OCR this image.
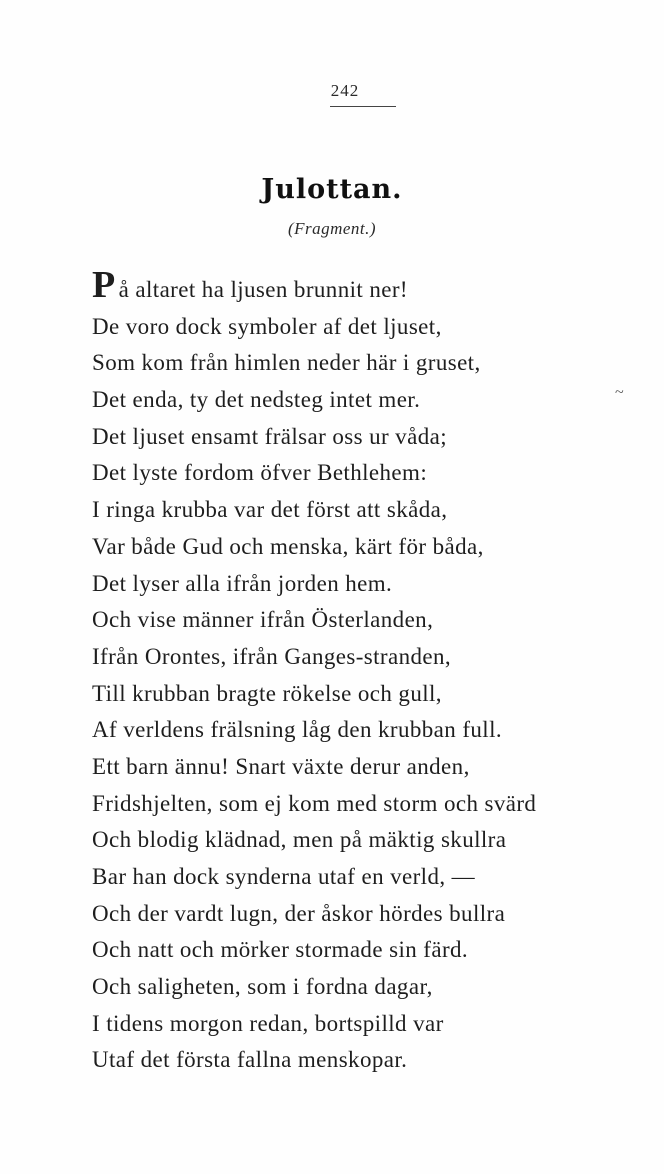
242
Julottan.
(Fragment.)
~
På altaret ha ljusen brunnit ner!
De voro dock symboler af det ljuset,
Som kom från himlen neder här i gruset,
Det enda, ty det nedsteg intet mer.
Det ljuset ensamt frälsar oss ur våda;
Det lyste fordom öfver Bethlehem:
I ringa krubba var det först att skåda,
Var både Gud och menska, kärt för båda,
Det lyser alla ifrån jorden hem.
Och vise männer ifrån Österlanden,
Ifrån Orontes, ifrån Ganges-stranden,
Till krubban bragte rökelse och gull,
Af verldens frälsning låg den krubban full.
Ett barn ännu! Snart växte derur anden,
Fridshjelten, som ej kom med storm och svärd
Och blodig klädnad, men på mäktig skullra
Bar han dock synderna utaf en verld, —
Och der vardt lugn, der åskor hördes bullra
Och natt och mörker stormade sin färd.
Och saligheten, som i fordna dagar,
I tidens morgon redan, bortspilld var
Utaf det första fallna menskopar.
